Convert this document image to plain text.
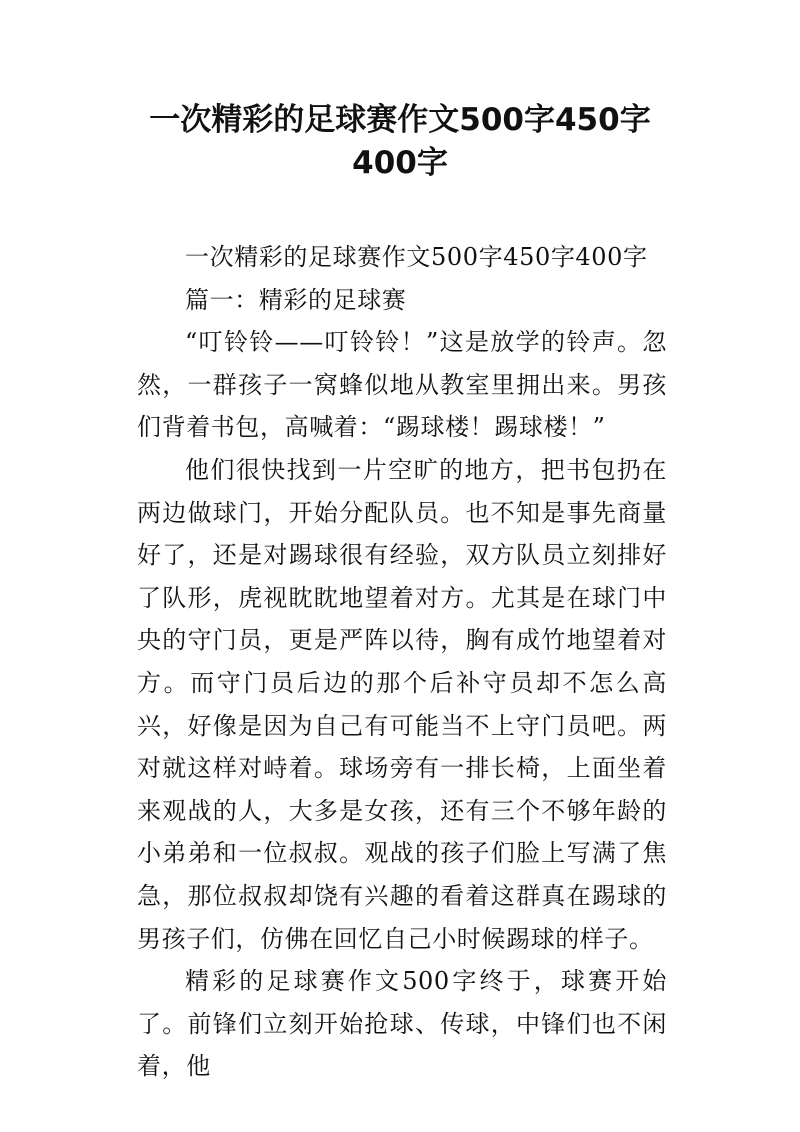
一次精彩的足球赛作文500字450字
400字

一次精彩的足球赛作文500字450字400字

篇一：精彩的足球赛

“叮铃铃——叮铃铃！”这是放学的铃声。忽然，一群孩子一窝蜂似地从教室里拥出来。男孩们背着书包，高喊着：“踢球楼！踢球楼！”

他们很快找到一片空旷的地方，把书包扔在两边做球门，开始分配队员。也不知是事先商量好了，还是对踢球很有经验，双方队员立刻排好了队形，虎视眈眈地望着对方。尤其是在球门中央的守门员，更是严阵以待，胸有成竹地望着对方。而守门员后边的那个后补守员却不怎么高兴，好像是因为自己有可能当不上守门员吧。两对就这样对峙着。球场旁有一排长椅，上面坐着来观战的人，大多是女孩，还有三个不够年龄的小弟弟和一位叔叔。观战的孩子们脸上写满了焦急，那位叔叔却饶有兴趣的看着这群真在踢球的男孩子们，仿佛在回忆自己小时候踢球的样子。

精彩的足球赛作文500字终于，球赛开始了。前锋们立刻开始抢球、传球，中锋们也不闲着，他
